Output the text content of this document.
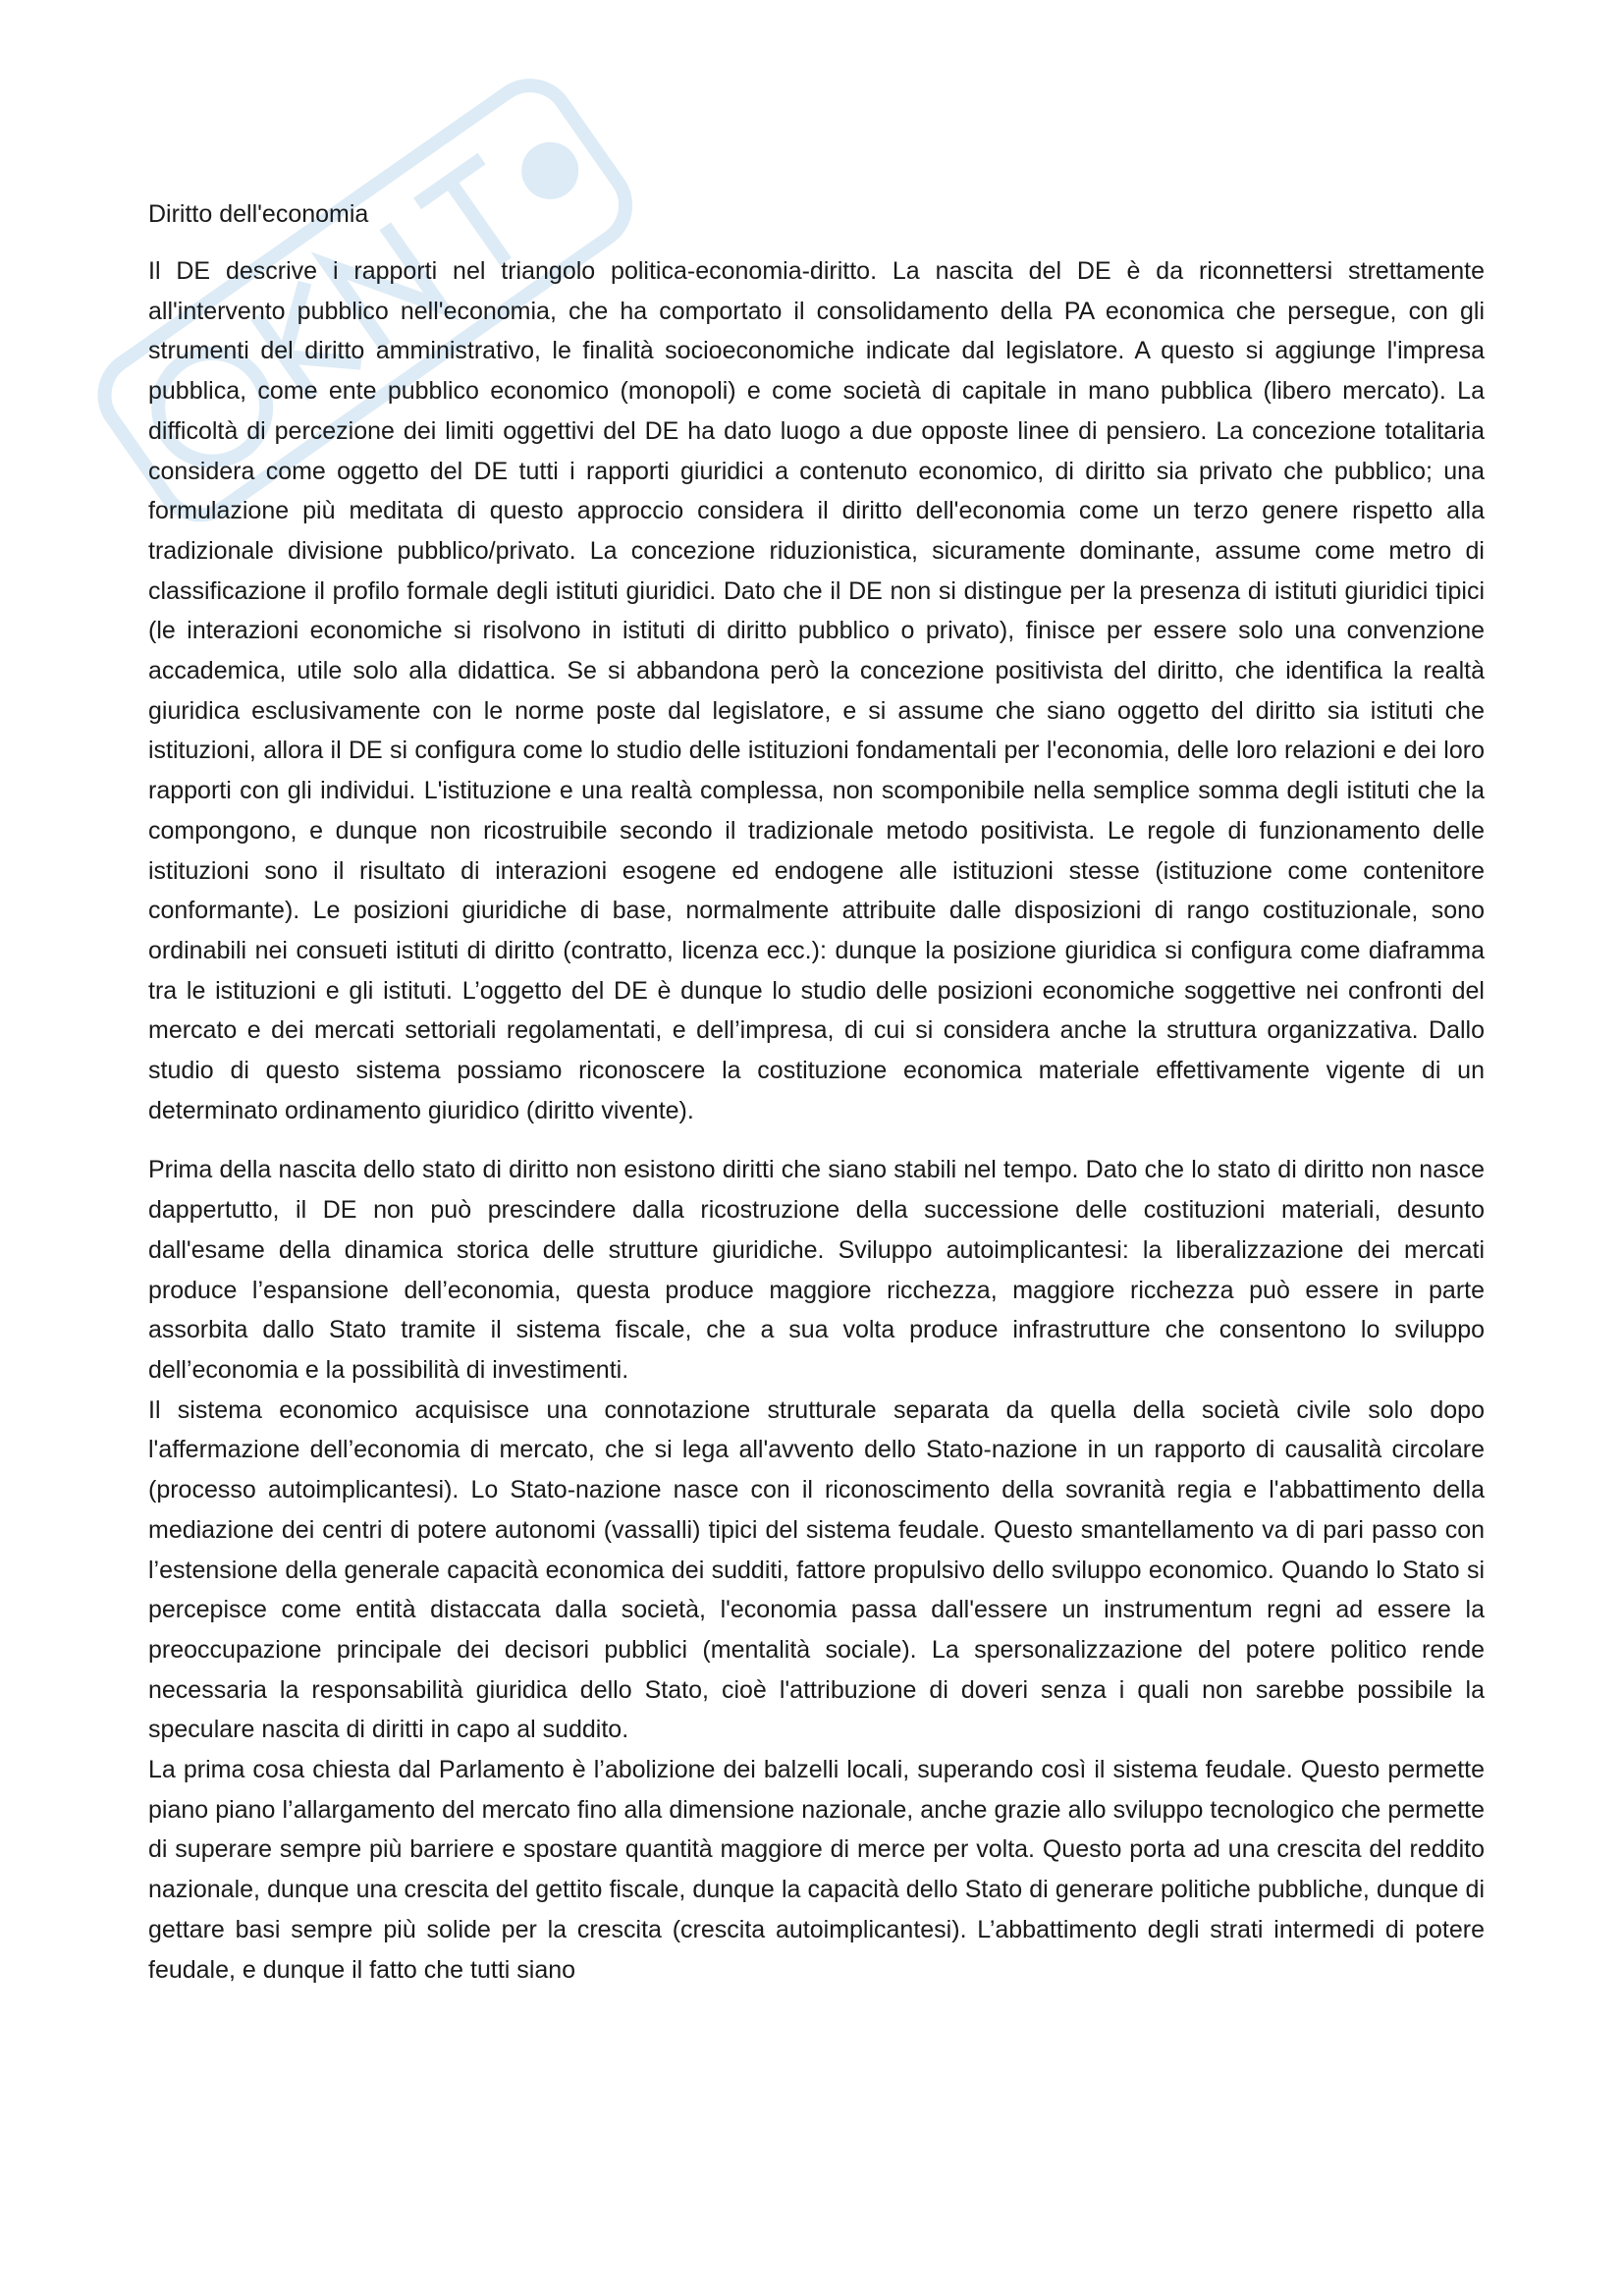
Diritto dell'economia

Il DE descrive i rapporti nel triangolo politica-economia-diritto. La nascita del DE è da riconnettersi strettamente all'intervento pubblico nell'economia, che ha comportato il consolidamento della PA economica che persegue, con gli strumenti del diritto amministrativo, le finalità socioeconomiche indicate dal legislatore. A questo si aggiunge l'impresa pubblica, come ente pubblico economico (monopoli) e come società di capitale in mano pubblica (libero mercato). La difficoltà di percezione dei limiti oggettivi del DE ha dato luogo a due opposte linee di pensiero. La concezione totalitaria considera come oggetto del DE tutti i rapporti giuridici a contenuto economico, di diritto sia privato che pubblico; una formulazione più meditata di questo approccio considera il diritto dell'economia come un terzo genere rispetto alla tradizionale divisione pubblico/privato. La concezione riduzionistica, sicuramente dominante, assume come metro di classificazione il profilo formale degli istituti giuridici. Dato che il DE non si distingue per la presenza di istituti giuridici tipici (le interazioni economiche si risolvono in istituti di diritto pubblico o privato), finisce per essere solo una convenzione accademica, utile solo alla didattica. Se si abbandona però la concezione positivista del diritto, che identifica la realtà giuridica esclusivamente con le norme poste dal legislatore, e si assume che siano oggetto del diritto sia istituti che istituzioni, allora il DE si configura come lo studio delle istituzioni fondamentali per l'economia, delle loro relazioni e dei loro rapporti con gli individui. L'istituzione e una realtà complessa, non scomponibile nella semplice somma degli istituti che la compongono, e dunque non ricostruibile secondo il tradizionale metodo positivista. Le regole di funzionamento delle istituzioni sono il risultato di interazioni esogene ed endogene alle istituzioni stesse (istituzione come contenitore conformante). Le posizioni giuridiche di base, normalmente attribuite dalle disposizioni di rango costituzionale, sono ordinabili nei consueti istituti di diritto (contratto, licenza ecc.): dunque la posizione giuridica si configura come diaframma tra le istituzioni e gli istituti. L’oggetto del DE è dunque lo studio delle posizioni economiche soggettive nei confronti del mercato e dei mercati settoriali regolamentati, e dell’impresa, di cui si considera anche la struttura organizzativa. Dallo studio di questo sistema possiamo riconoscere la costituzione economica materiale effettivamente vigente di un determinato ordinamento giuridico (diritto vivente).

Prima della nascita dello stato di diritto non esistono diritti che siano stabili nel tempo. Dato che lo stato di diritto non nasce dappertutto, il DE non può prescindere dalla ricostruzione della successione delle costituzioni materiali, desunto dall'esame della dinamica storica delle strutture giuridiche. Sviluppo autoimplicantesi: la liberalizzazione dei mercati produce l’espansione dell’economia, questa produce maggiore ricchezza, maggiore ricchezza può essere in parte assorbita dallo Stato tramite il sistema fiscale, che a sua volta produce infrastrutture che consentono lo sviluppo dell’economia e la possibilità di investimenti.

Il sistema economico acquisisce una connotazione strutturale separata da quella della società civile solo dopo l'affermazione dell’economia di mercato, che si lega all'avvento dello Stato-nazione in un rapporto di causalità circolare (processo autoimplicantesi). Lo Stato-nazione nasce con il riconoscimento della sovranità regia e l'abbattimento della mediazione dei centri di potere autonomi (vassalli) tipici del sistema feudale. Questo smantellamento va di pari passo con l’estensione della generale capacità economica dei sudditi, fattore propulsivo dello sviluppo economico. Quando lo Stato si percepisce come entità distaccata dalla società, l'economia passa dall'essere un instrumentum regni ad essere la preoccupazione principale dei decisori pubblici (mentalità sociale). La spersonalizzazione del potere politico rende necessaria la responsabilità giuridica dello Stato, cioè l'attribuzione di doveri senza i quali non sarebbe possibile la speculare nascita di diritti in capo al suddito.

La prima cosa chiesta dal Parlamento è l’abolizione dei balzelli locali, superando così il sistema feudale. Questo permette piano piano l’allargamento del mercato fino alla dimensione nazionale, anche grazie allo sviluppo tecnologico che permette di superare sempre più barriere e spostare quantità maggiore di merce per volta. Questo porta ad una crescita del reddito nazionale, dunque una crescita del gettito fiscale, dunque la capacità dello Stato di generare politiche pubbliche, dunque di gettare basi sempre più solide per la crescita (crescita autoimplicantesi). L’abbattimento degli strati intermedi di potere feudale, e dunque il fatto che tutti siano
